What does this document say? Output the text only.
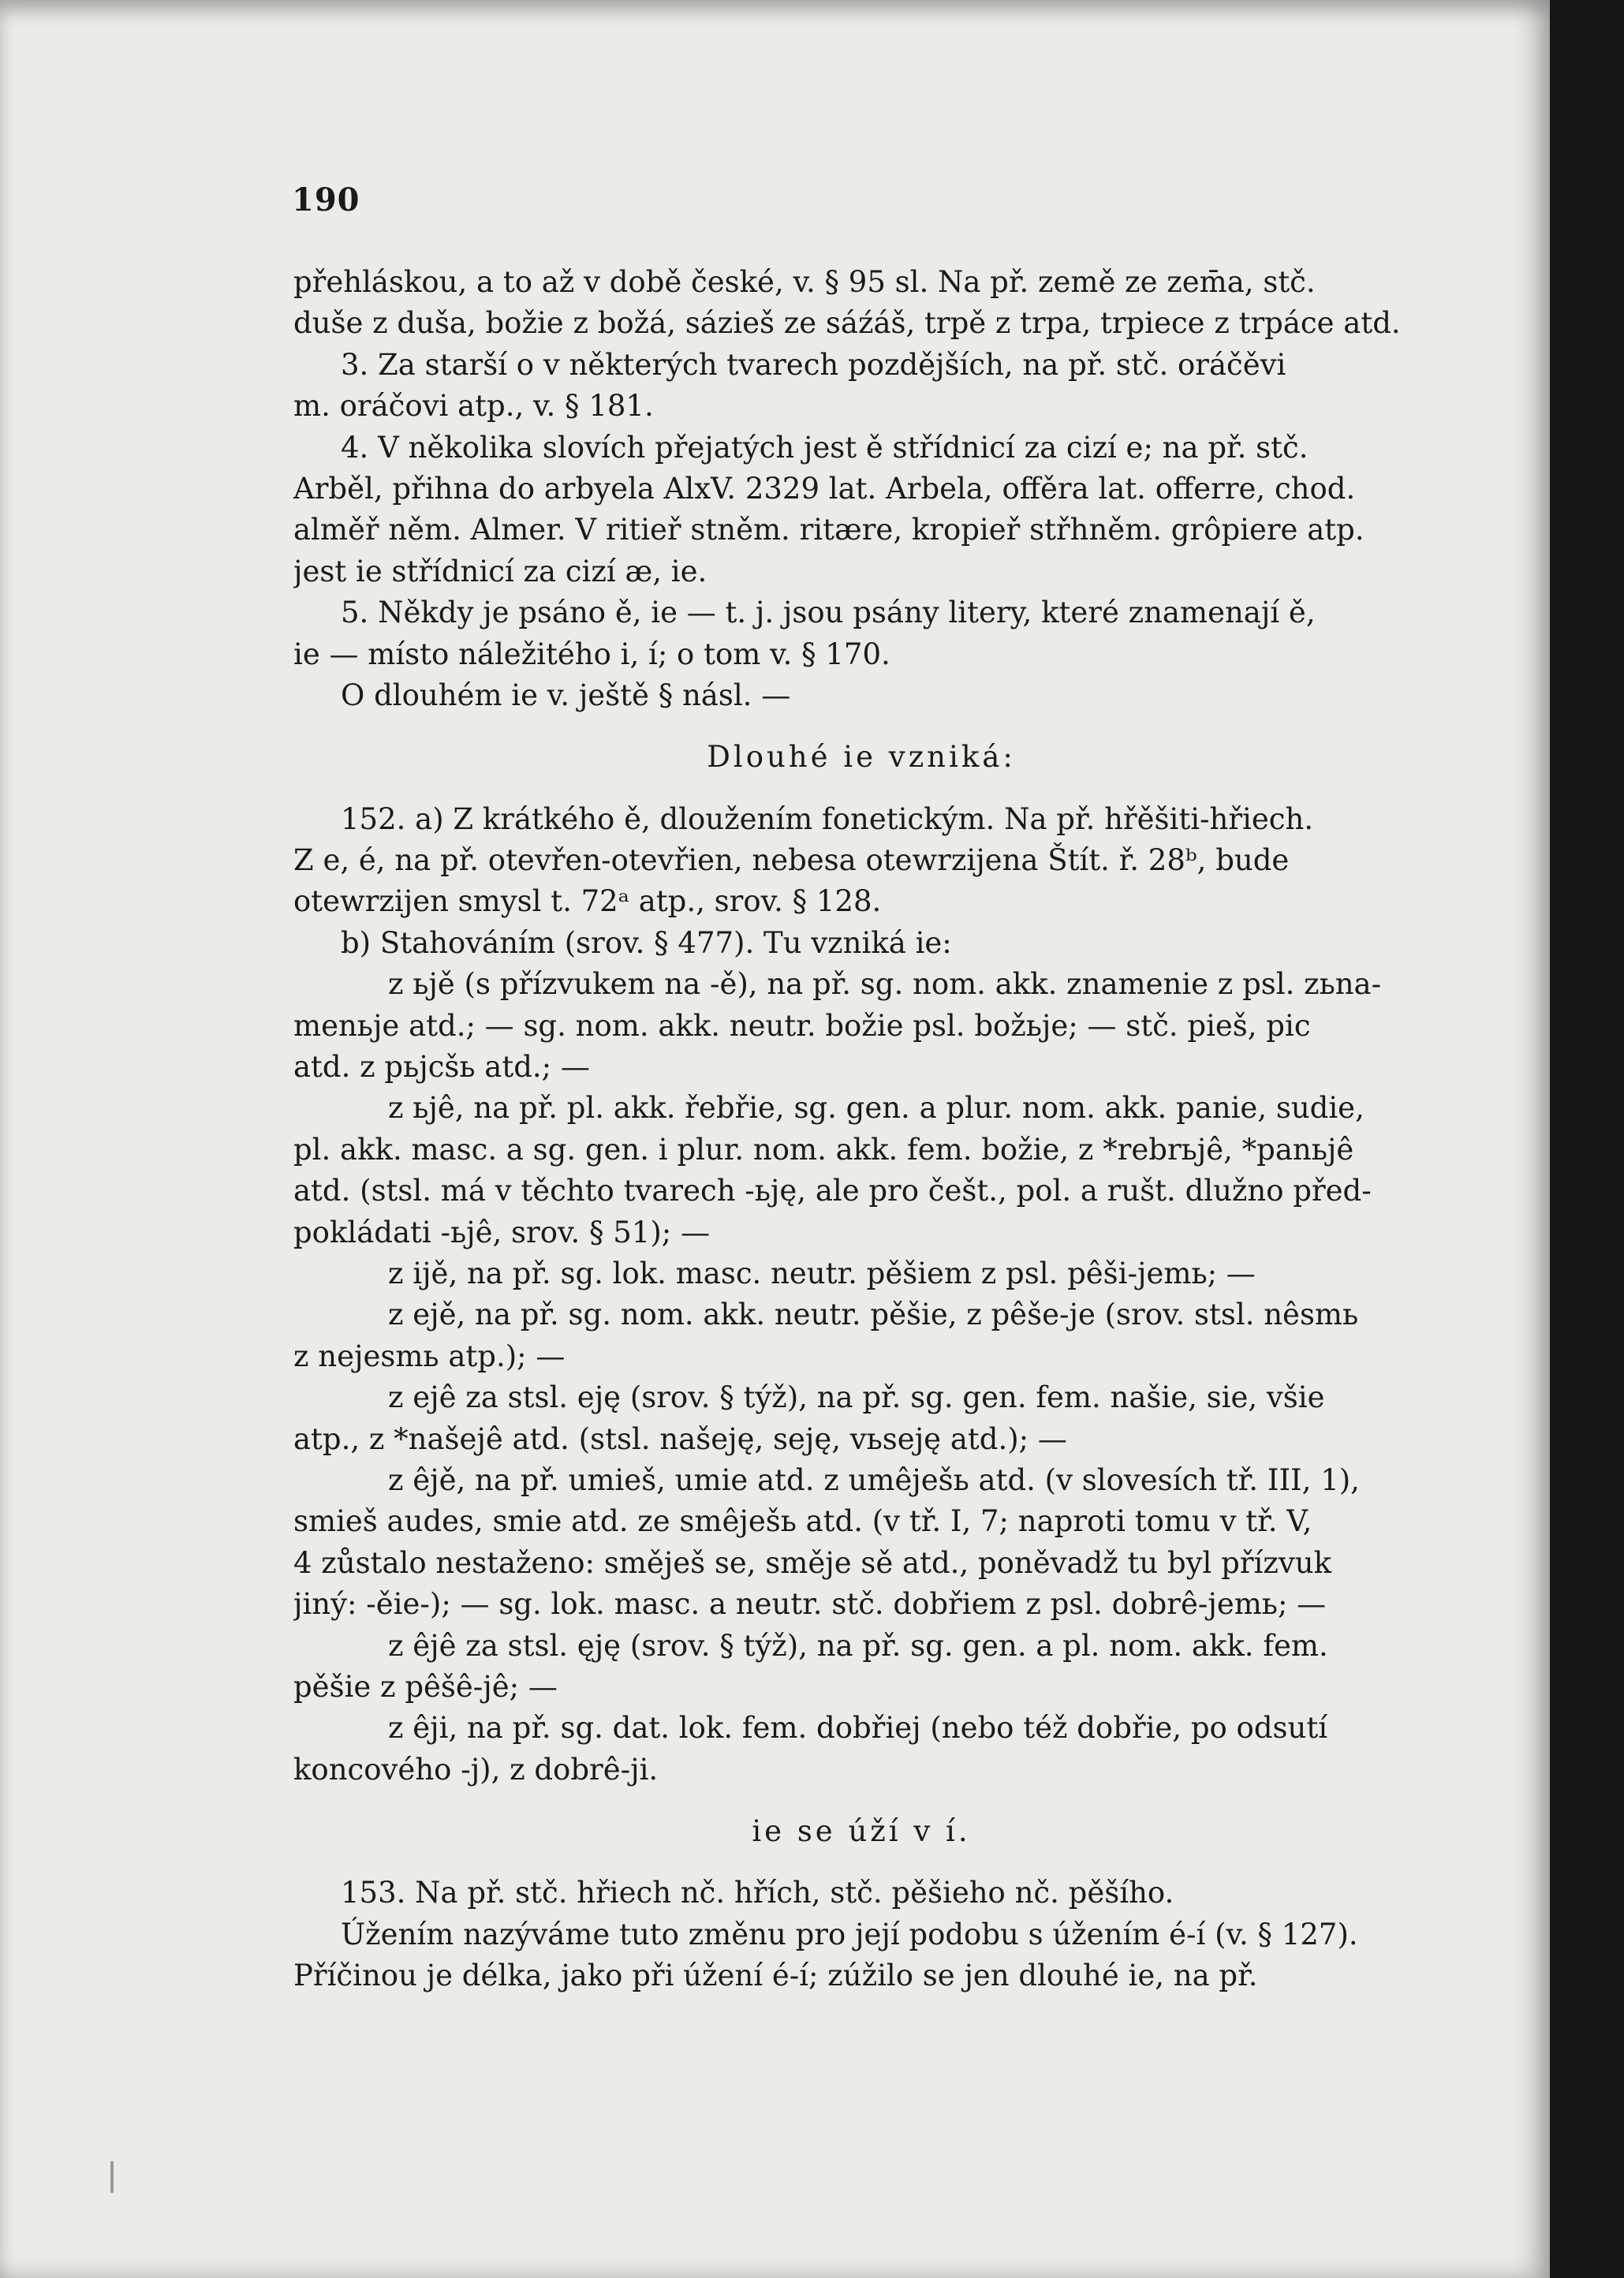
190
přehláskou, a to až v době české, v. § 95 sl. Na př. země ze zem̄a, stč.
duše z duša, božie z božá, sázieš ze sáźáš, trpě z trpa, trpiece z trpáce atd.
3. Za starší o v některých tvarech pozdějších, na př. stč. oráčěvi
m. oráčovi atp., v. § 181.
4. V několika slovích přejatých jest ě střídnicí za cizí e; na př. stč.
Arběl, přihna do arbyela AlxV. 2329 lat. Arbela, offěra lat. offerre, chod.
alměř něm. Almer. V ritieř stněm. ritære, kropieř střhněm. grôpiere atp.
jest ie střídnicí za cizí æ, ie.
5. Někdy je psáno ě, ie — t. j. jsou psány litery, které znamenají ě,
ie — místo náležitého i, í; o tom v. § 170.
O dlouhém ie v. ještě § násl. —
Dlouhé ie vzniká:
152. a) Z krátkého ě, dloužením fonetickým. Na př. hřěšiti-hřiech.
Z e, é, na př. otevřen-otevřien, nebesa otewrzijena Štít. ř. 28ᵇ, bude
otewrzijen smysl t. 72ᵃ atp., srov. § 128.
b) Stahováním (srov. § 477). Tu vzniká ie:
z ьjě (s přízvukem na -ě), na př. sg. nom. akk. znamenie z psl. zьna-
menьje atd.; — sg. nom. akk. neutr. božie psl. božьje; — stč. pieš, pic
atd. z pьjcšь atd.; —
z ьjê, na př. pl. akk. řebřie, sg. gen. a plur. nom. akk. panie, sudie,
pl. akk. masc. a sg. gen. i plur. nom. akk. fem. božie, z *rebrьjê, *panьjê
atd. (stsl. má v těchto tvarech -ьję, ale pro češt., pol. a rušt. dlužno před-
pokládati -ьjê, srov. § 51); —
z ijě, na př. sg. lok. masc. neutr. pěšiem z psl. pêši-jemь; —
z ejě, na př. sg. nom. akk. neutr. pěšie, z pêše-je (srov. stsl. nêsmь
z nejesmь atp.); —
z ejê za stsl. eję (srov. § týž), na př. sg. gen. fem. našie, sie, všie
atp., z *našejê atd. (stsl. našeję, seję, vьseję atd.); —
z êjě, na př. umieš, umie atd. z umêješь atd. (v slovesích tř. III, 1),
smieš audes, smie atd. ze smêješь atd. (v tř. I, 7; naproti tomu v tř. V,
4 zůstalo nestaženo: směješ se, směje sě atd., poněvadž tu byl přízvuk
jiný: -ěie-); — sg. lok. masc. a neutr. stč. dobřiem z psl. dobrê-jemь; —
z êjê za stsl. ęję (srov. § týž), na př. sg. gen. a pl. nom. akk. fem.
pěšie z pêšê-jê; —
z êji, na př. sg. dat. lok. fem. dobřiej (nebo též dobřie, po odsutí
koncového -j), z dobrê-ji.
ie se úží v í.
153. Na př. stč. hřiech nč. hřích, stč. pěšieho nč. pěšího.
Úžením nazýváme tuto změnu pro její podobu s úžením é-í (v. § 127).
Příčinou je délka, jako při úžení é-í; zúžilo se jen dlouhé ie, na př.
